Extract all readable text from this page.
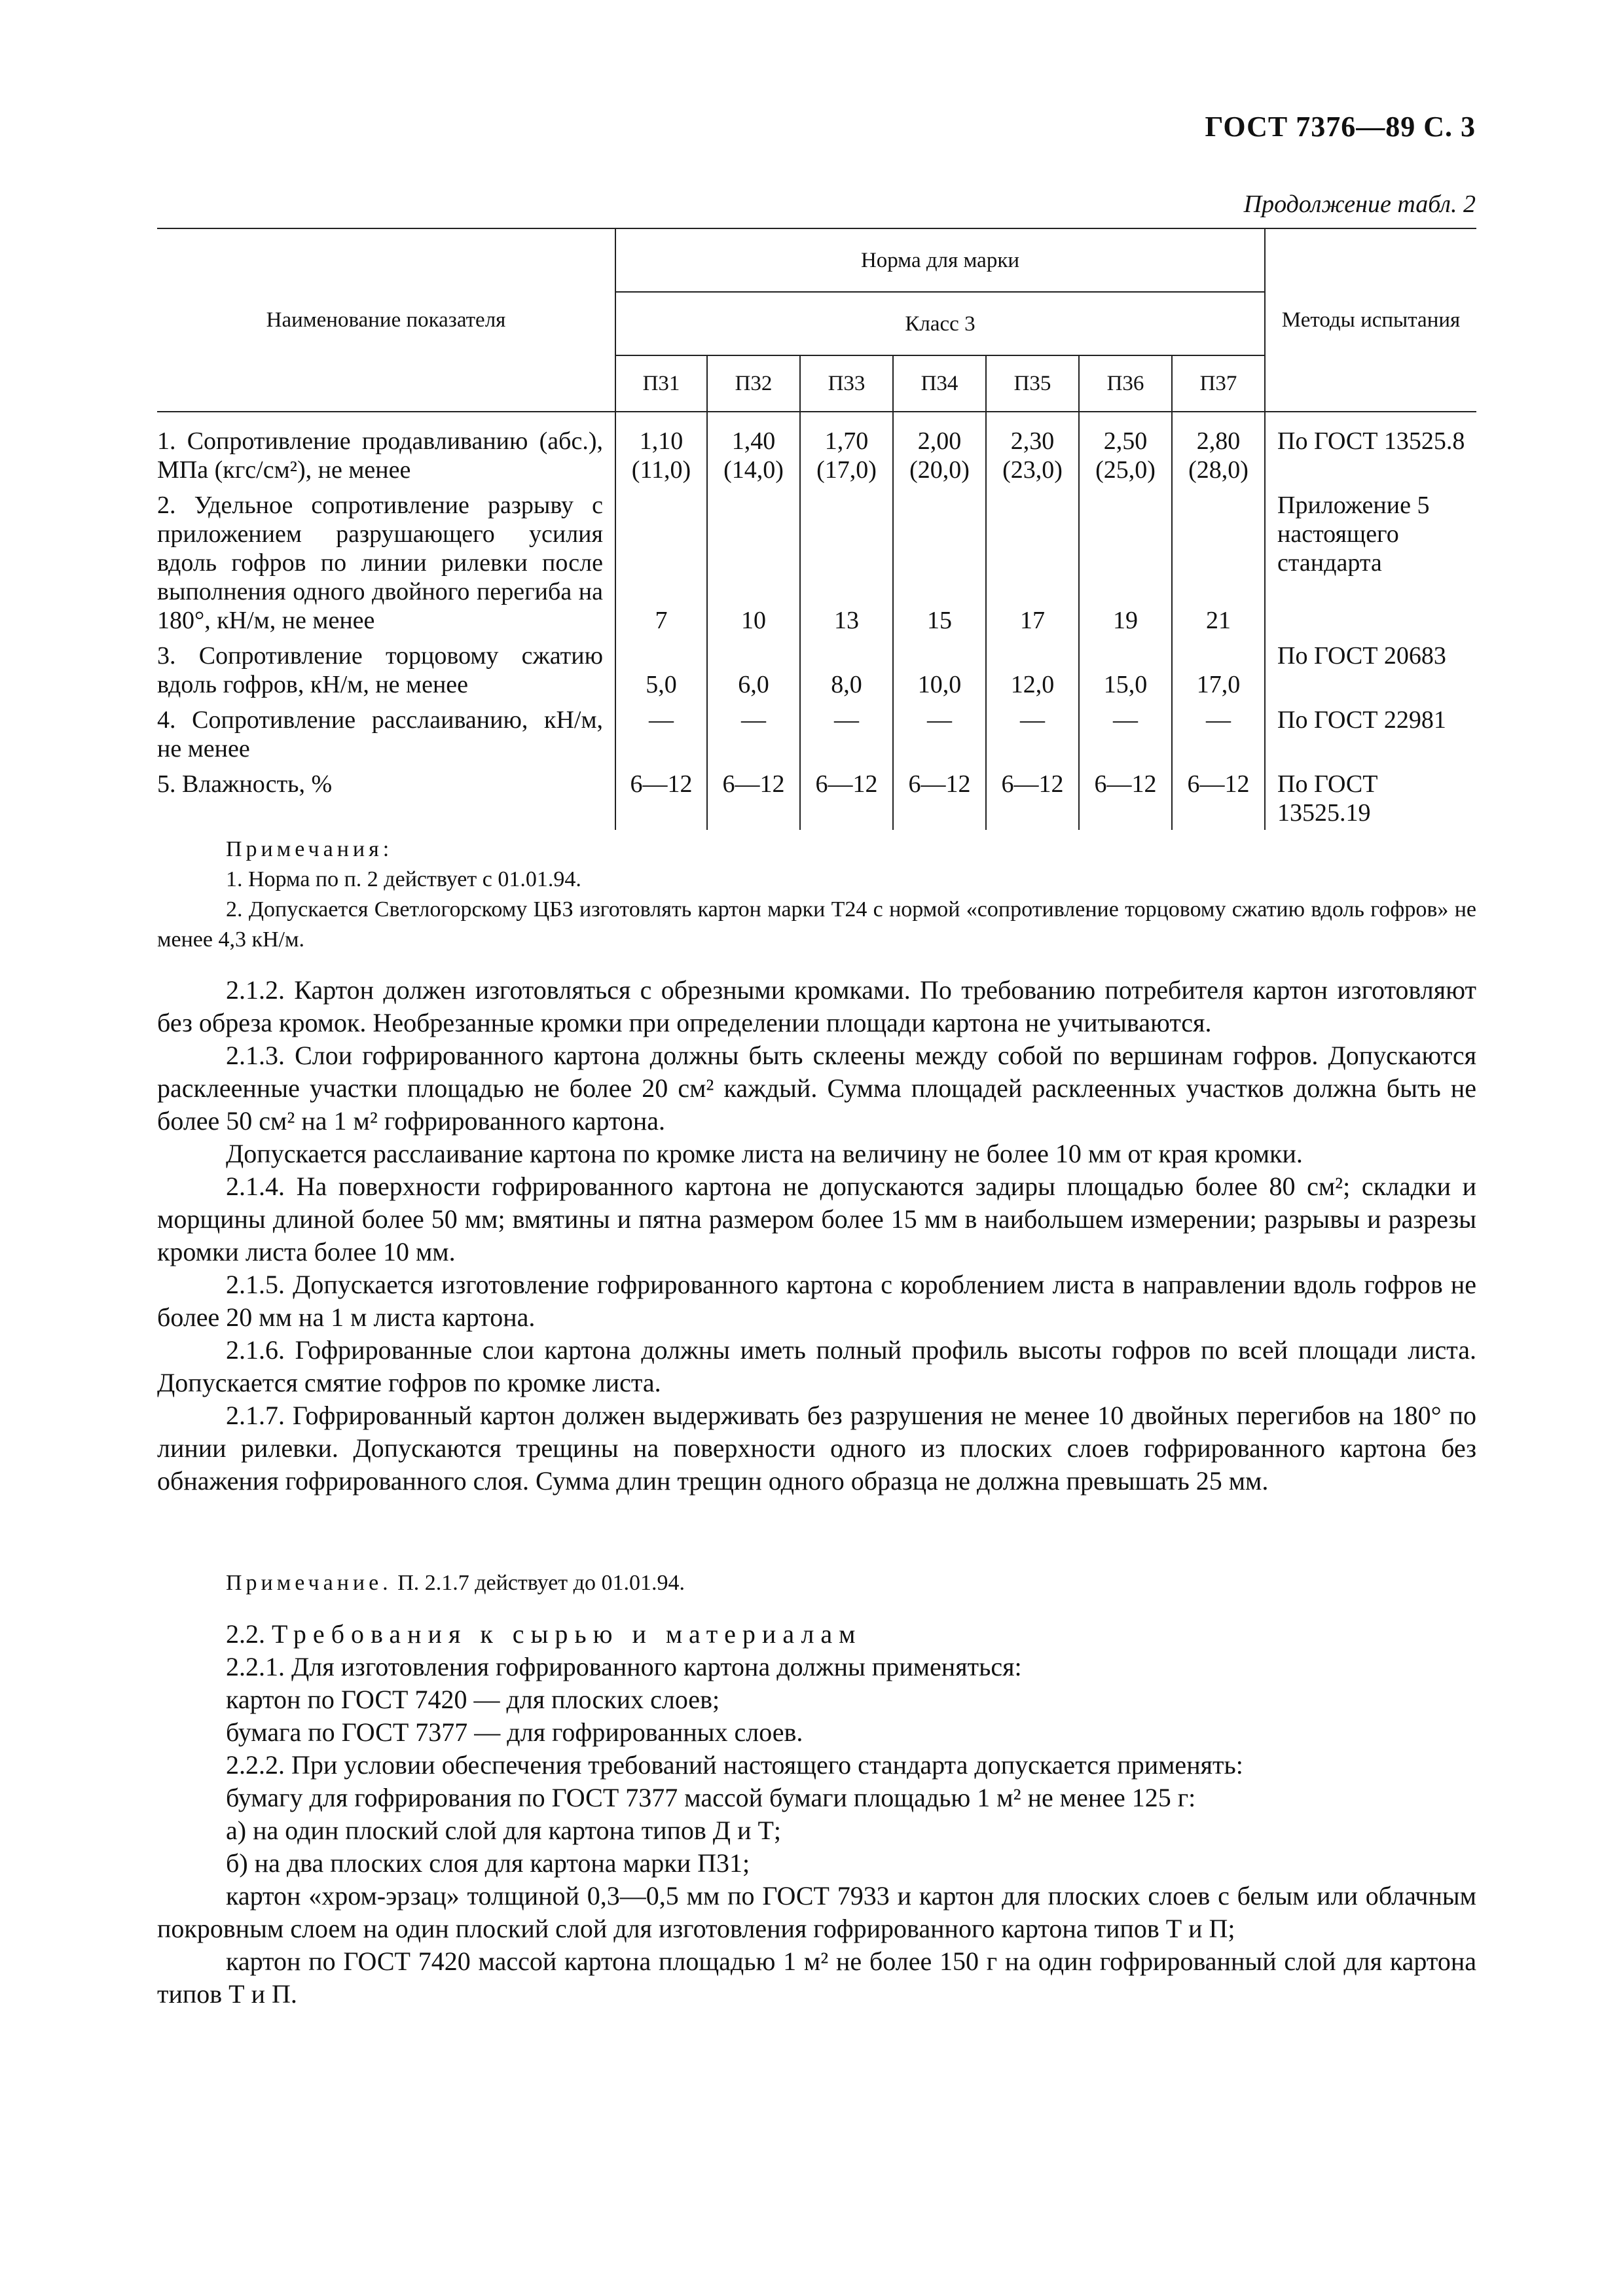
ГОСТ 7376—89 С. 3
Продолжение табл. 2
Наименование показателя	Норма для марки							Методы испытания
	Класс 3							
	П31	П32	П33	П34	П35	П36	П37	
1. Сопротивление продавливанию (абс.), МПа (кгс/см²), не менее	1,10 (11,0)	1,40 (14,0)	1,70 (17,0)	2,00 (20,0)	2,30 (23,0)	2,50 (25,0)	2,80 (28,0)	По ГОСТ 13525.8
2. Удельное сопротивление разрыву с приложением разрушающего усилия вдоль гофров по линии рилевки после выполнения одного двойного перегиба на 180°, кН/м, не менее	7	10	13	15	17	19	21	Приложение 5 настоящего стандарта
3. Сопротивление торцовому сжатию вдоль гофров, кН/м, не менее	5,0	6,0	8,0	10,0	12,0	15,0	17,0	По ГОСТ 20683
4. Сопротивление расслаиванию, кН/м, не менее	—	—	—	—	—	—	—	По ГОСТ 22981
5. Влажность, %	6—12	6—12	6—12	6—12	6—12	6—12	6—12	По ГОСТ 13525.19
Примечания:
1. Норма по п. 2 действует с 01.01.94.
2. Допускается Светлогорскому ЦБЗ изготовлять картон марки Т24 с нормой «сопротивление торцовому сжатию вдоль гофров» не менее 4,3 кН/м.

2.1.2. Картон должен изготовляться с обрезными кромками. По требованию потребителя картон изготовляют без обреза кромок. Необрезанные кромки при определении площади картона не учитываются.

2.1.3. Слои гофрированного картона должны быть склеены между собой по вершинам гофров. Допускаются расклеенные участки площадью не более 20 см² каждый. Сумма площадей расклеенных участков должна быть не более 50 см² на 1 м² гофрированного картона.

Допускается расслаивание картона по кромке листа на величину не более 10 мм от края кромки.

2.1.4. На поверхности гофрированного картона не допускаются задиры площадью более 80 см²; складки и морщины длиной более 50 мм; вмятины и пятна размером более 15 мм в наибольшем измерении; разрывы и разрезы кромки листа более 10 мм.

2.1.5. Допускается изготовление гофрированного картона с короблением листа в направлении вдоль гофров не более 20 мм на 1 м листа картона.

2.1.6. Гофрированные слои картона должны иметь полный профиль высоты гофров по всей площади листа. Допускается смятие гофров по кромке листа.

2.1.7. Гофрированный картон должен выдерживать без разрушения не менее 10 двойных перегибов на 180° по линии рилевки. Допускаются трещины на поверхности одного из плоских слоев гофрированного картона без обнажения гофрированного слоя. Сумма длин трещин одного образца не должна превышать 25 мм.

Примечание. П. 2.1.7 действует до 01.01.94.

2.2. Требования к сырью и материалам

2.2.1. Для изготовления гофрированного картона должны применяться:

картон по ГОСТ 7420 — для плоских слоев;

бумага по ГОСТ 7377 — для гофрированных слоев.

2.2.2. При условии обеспечения требований настоящего стандарта допускается применять:

бумагу для гофрирования по ГОСТ 7377 массой бумаги площадью 1 м² не менее 125 г:

а) на один плоский слой для картона типов Д и Т;

б) на два плоских слоя для картона марки П31;

картон «хром-эрзац» толщиной 0,3—0,5 мм по ГОСТ 7933 и картон для плоских слоев с белым или облачным покровным слоем на один плоский слой для изготовления гофрированного картона типов Т и П;

картон по ГОСТ 7420 массой картона площадью 1 м² не более 150 г на один гофрированный слой для картона типов Т и П.
